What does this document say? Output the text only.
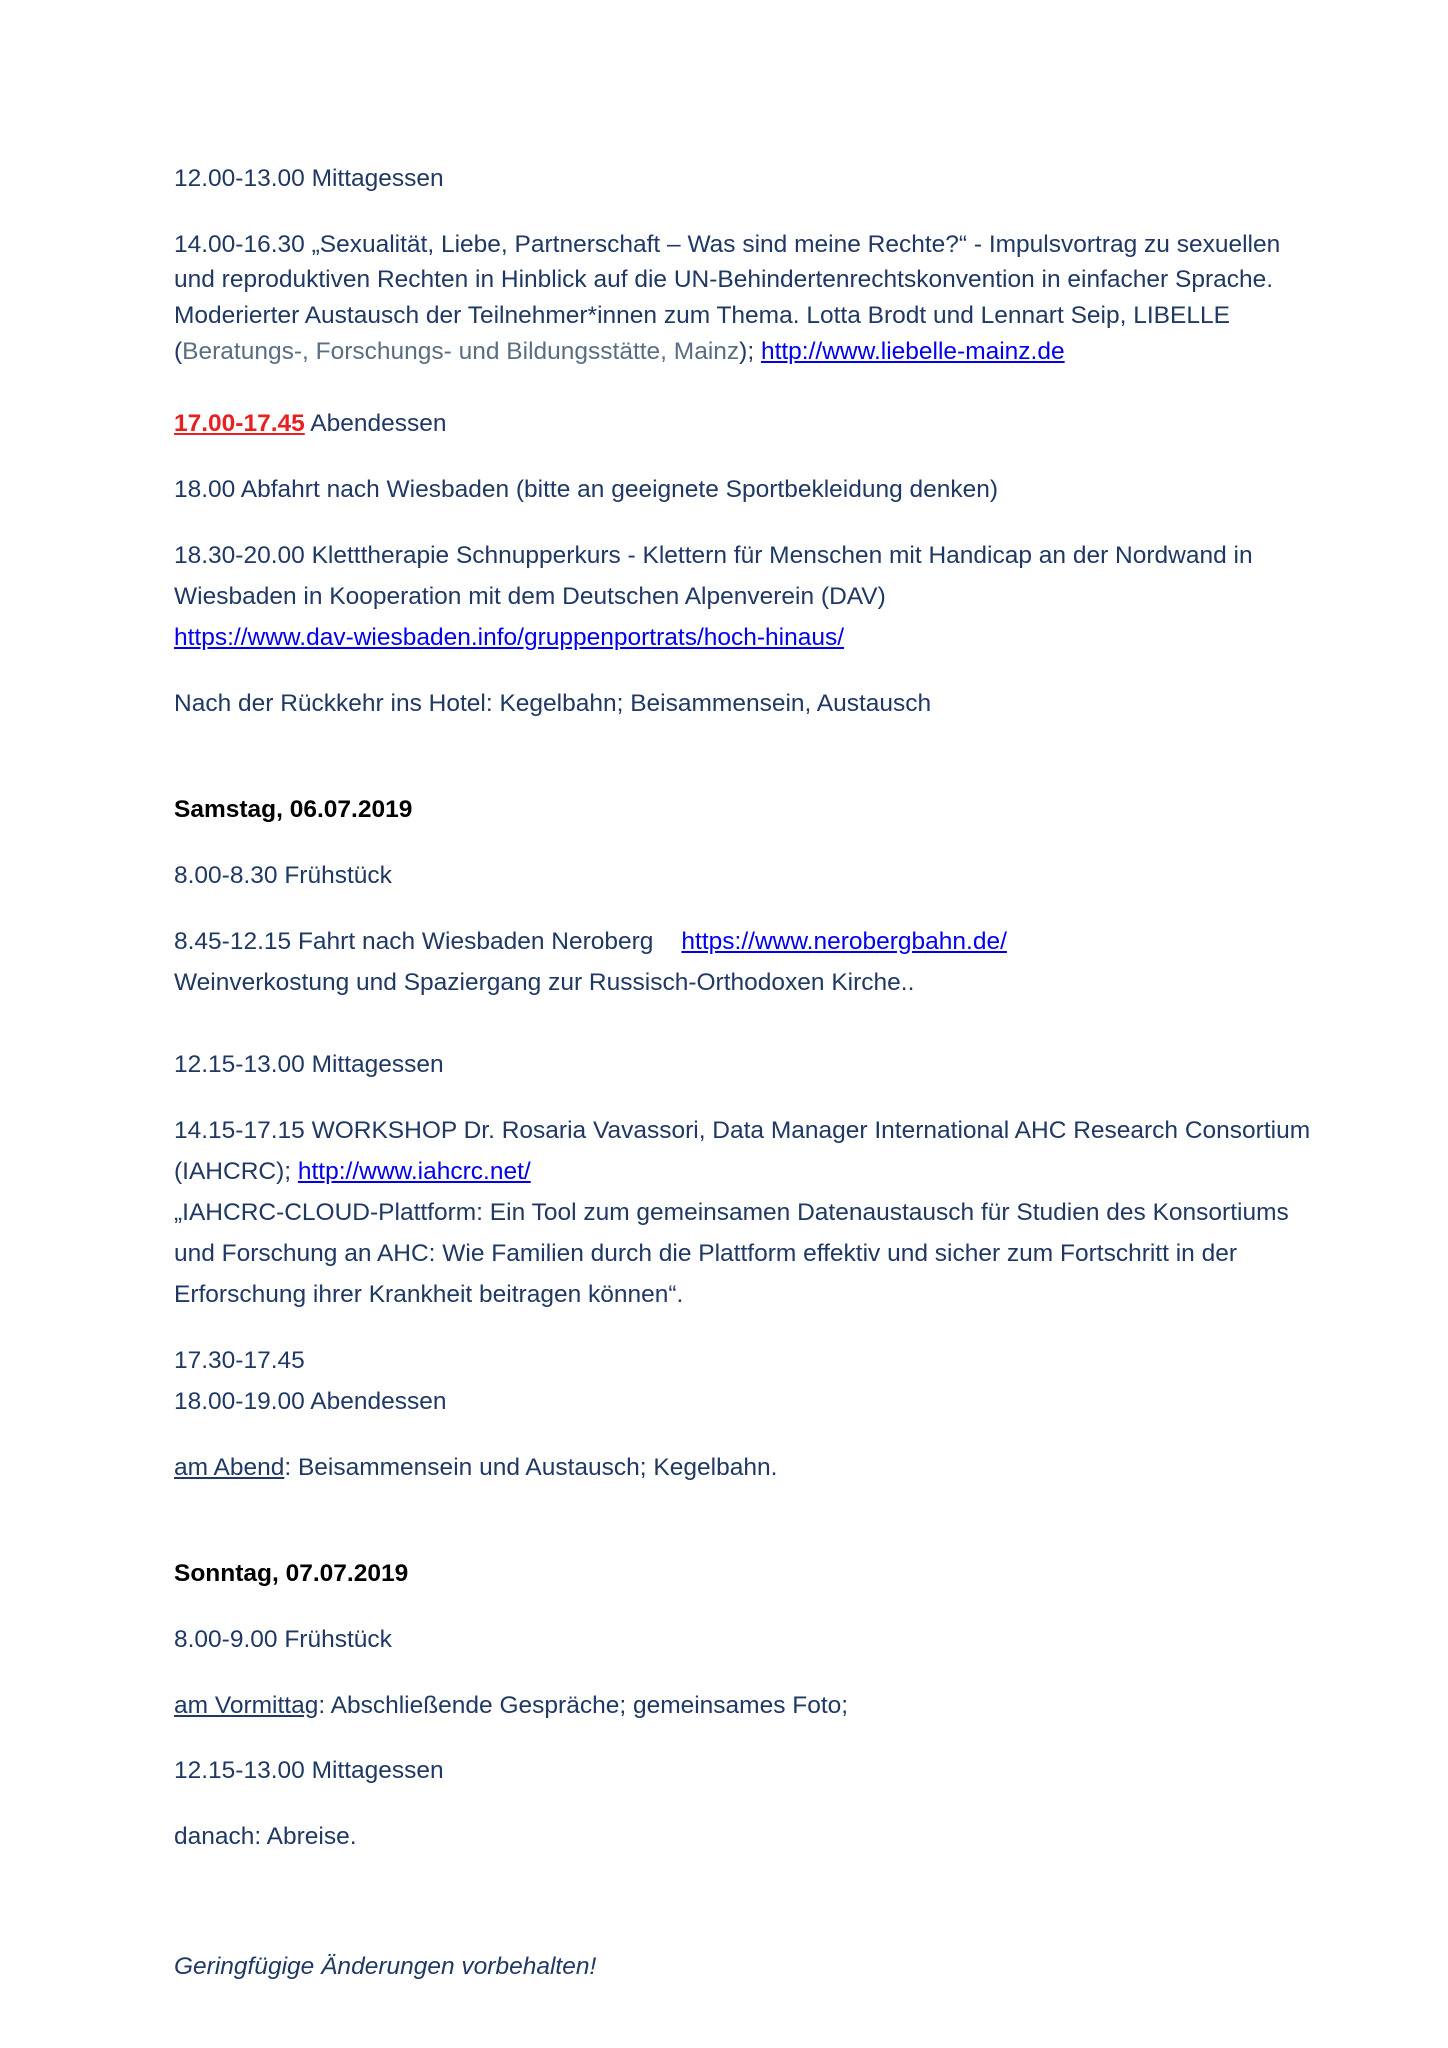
12.00-13.00 Mittagessen
14.00-16.30 „Sexualität, Liebe, Partnerschaft – Was sind meine Rechte?“ - Impulsvortrag zu sexuellen
und reproduktiven Rechten in Hinblick auf die UN-Behindertenrechtskonvention in einfacher Sprache.
Moderierter Austausch der Teilnehmer*innen zum Thema. Lotta Brodt und Lennart Seip, LIBELLE
(Beratungs-, Forschungs- und Bildungsstätte, Mainz); http://www.liebelle-mainz.de
17.00-17.45 Abendessen
18.00 Abfahrt nach Wiesbaden (bitte an geeignete Sportbekleidung denken)
18.30-20.00 Kletttherapie Schnupperkurs - Klettern für Menschen mit Handicap an der Nordwand in
Wiesbaden in Kooperation mit dem Deutschen Alpenverein (DAV)
https://www.dav-wiesbaden.info/gruppenportrats/hoch-hinaus/
Nach der Rückkehr ins Hotel: Kegelbahn; Beisammensein, Austausch
Samstag, 06.07.2019
8.00-8.30 Frühstück
8.45-12.15 Fahrt nach Wiesbaden Neroberg https://www.nerobergbahn.de/
Weinverkostung und Spaziergang zur Russisch-Orthodoxen Kirche..
12.15-13.00 Mittagessen
14.15-17.15 WORKSHOP Dr. Rosaria Vavassori, Data Manager International AHC Research Consortium
(IAHCRC); http://www.iahcrc.net/
„IAHCRC-CLOUD-Plattform: Ein Tool zum gemeinsamen Datenaustausch für Studien des Konsortiums
und Forschung an AHC: Wie Familien durch die Plattform effektiv und sicher zum Fortschritt in der
Erforschung ihrer Krankheit beitragen können“.
17.30-17.45
18.00-19.00 Abendessen
am Abend: Beisammensein und Austausch; Kegelbahn.
Sonntag, 07.07.2019
8.00-9.00 Frühstück
am Vormittag: Abschließende Gespräche; gemeinsames Foto;
12.15-13.00 Mittagessen
danach: Abreise.
Geringfügige Änderungen vorbehalten!
